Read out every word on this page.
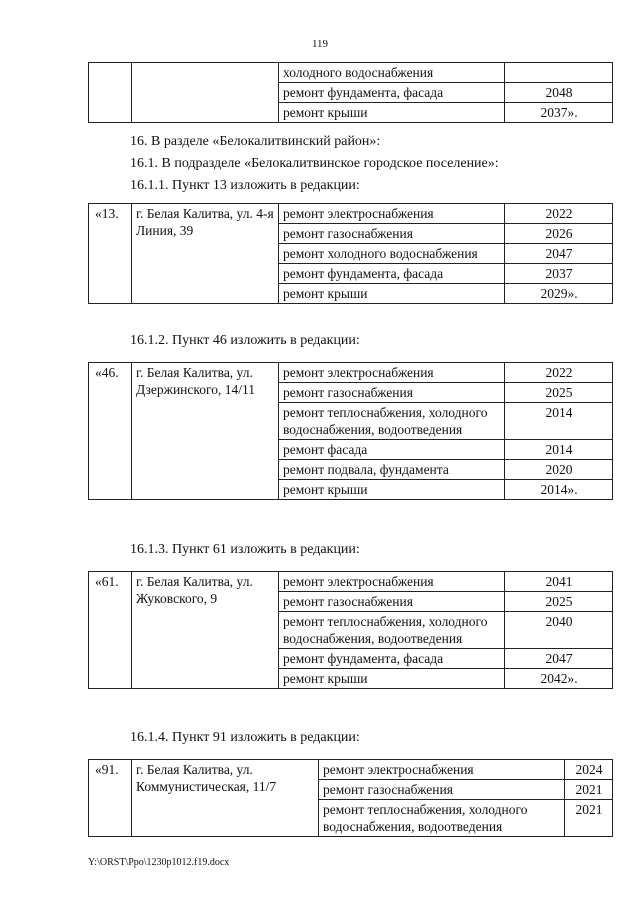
119
		холодного водоснабжения	
		ремонт фундамента, фасада	2048
		ремонт крыши	2037».
16. В разделе «Белокалитвинский район»:
16.1. В подразделе «Белокалитвинское городское поселение»:
16.1.1. Пункт 13 изложить в редакции:
«13.	г. Белая Калитва, ул. 4-я Линия, 39	ремонт электроснабжения	2022
		ремонт газоснабжения	2026
		ремонт холодного водоснабжения	2047
		ремонт фундамента, фасада	2037
		ремонт крыши	2029».
16.1.2. Пункт 46 изложить в редакции:
«46.	г. Белая Калитва, ул. Дзержинского, 14/11	ремонт электроснабжения	2022
		ремонт газоснабжения	2025
		ремонт теплоснабжения, холодного водоснабжения, водоотведения	2014
		ремонт фасада	2014
		ремонт подвала, фундамента	2020
		ремонт крыши	2014».
16.1.3. Пункт 61 изложить в редакции:
«61.	г. Белая Калитва, ул. Жуковского, 9	ремонт электроснабжения	2041
		ремонт газоснабжения	2025
		ремонт теплоснабжения, холодного водоснабжения, водоотведения	2040
		ремонт фундамента, фасада	2047
		ремонт крыши	2042».
16.1.4. Пункт 91 изложить в редакции:
«91.	г. Белая Калитва, ул. Коммунистическая, 11/7	ремонт электроснабжения	2024
		ремонт газоснабжения	2021
		ремонт теплоснабжения, холодного водоснабжения, водоотведения	2021
Y:\ORST\Ppo\1230p1012.f19.docx
